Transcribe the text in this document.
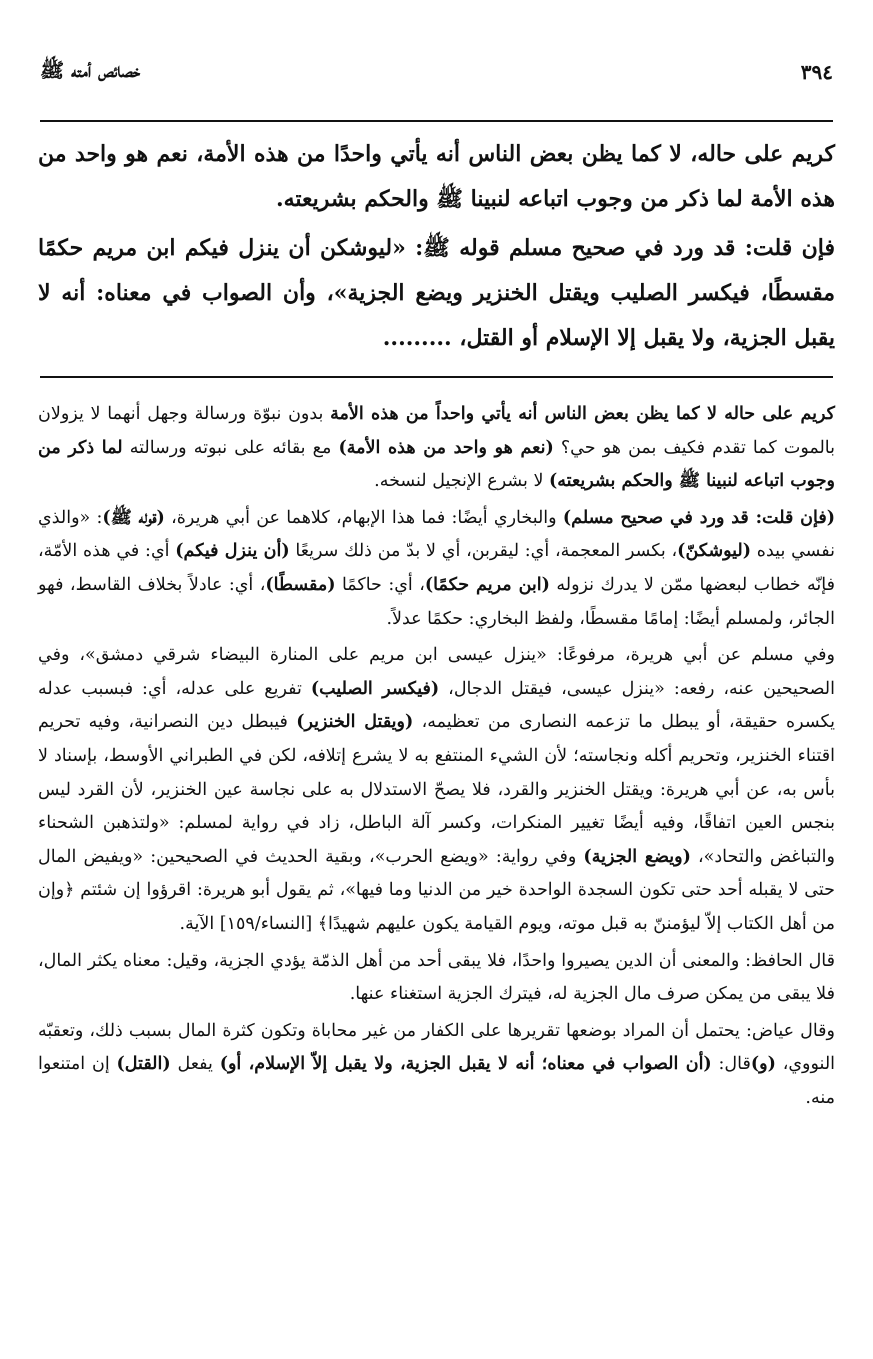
٣٩٤
خصائص أمته ﷺ

كريم على حاله، لا كما يظن بعض الناس أنه يأتي واحدًا من هذه الأمة، نعم هو واحد من هذه الأمة لما ذكر من وجوب اتباعه لنبينا ﷺ والحكم بشريعته.

فإن قلت: قد ورد في صحيح مسلم قوله ﷺ: «ليوشكن أن ينزل فيكم ابن مريم حكمًا مقسطًا، فيكسر الصليب ويقتل الخنزير ويضع الجزية»، وأن الصواب في معناه: أنه لا يقبل الجزية، ولا يقبل إلا الإسلام أو القتل، .........

كريم على حاله لا كما يظن بعض الناس أنه يأتي واحداً من هذه الأمة بدون نبوّة ورسالة وجهل أنهما لا يزولان بالموت كما تقدم فكيف بمن هو حي؟ (نعم هو واحد من هذه الأمة) مع بقائه على نبوته ورسالته لما ذكر من وجوب اتباعه لنبينا ﷺ والحكم بشريعته) لا بشرع الإنجيل لنسخه.

(فإن قلت: قد ورد في صحيح مسلم) والبخاري أيضًا: فما هذا الإبهام، كلاهما عن أبي هريرة، (قوله ﷺ): «والذي نفسي بيده (ليوشكنّ)، بكسر المعجمة، أي: ليقربن، أي لا بدّ من ذلك سريعًا (أن ينزل فيكم) أي: في هذه الأمّة، فإنّه خطاب لبعضها ممّن لا يدرك نزوله (ابن مريم حكمًا)، أي: حاكمًا (مقسطًا)، أي: عادلاً بخلاف القاسط، فهو الجائر، ولمسلم أيضًا: إمامًا مقسطًا، ولفظ البخاري: حكمًا عدلاً.

وفي مسلم عن أبي هريرة، مرفوعًا: «ينزل عيسى ابن مريم على المنارة البيضاء شرقي دمشق»، وفي الصحيحين عنه، رفعه: «ينزل عيسى، فيقتل الدجال، (فيكسر الصليب) تفريع على عدله، أي: فبسبب عدله يكسره حقيقة، أو يبطل ما تزعمه النصارى من تعظيمه، (ويقتل الخنزير) فيبطل دين النصرانية، وفيه تحريم اقتناء الخنزير، وتحريم أكله ونجاسته؛ لأن الشيء المنتفع به لا يشرع إتلافه، لكن في الطبراني الأوسط، بإسناد لا بأس به، عن أبي هريرة: ويقتل الخنزير والقرد، فلا يصحّ الاستدلال به على نجاسة عين الخنزير، لأن القرد ليس بنجس العين اتفاقًا، وفيه أيضًا تغيير المنكرات، وكسر آلة الباطل، زاد في رواية لمسلم: «ولتذهبن الشحناء والتباغض والتحاد»، (ويضع الجزية) وفي رواية: «ويضع الحرب»، وبقية الحديث في الصحيحين: «ويفيض المال حتى لا يقبله أحد حتى تكون السجدة الواحدة خير من الدنيا وما فيها»، ثم يقول أبو هريرة: اقرؤوا إن شئتم ﴿وإن من أهل الكتاب إلاّ ليؤمننّ به قبل موته، ويوم القيامة يكون عليهم شهيدًا﴾ [النساء/١٥٩] الآية.

قال الحافظ: والمعنى أن الدين يصيروا واحدًا، فلا يبقى أحد من أهل الذمّة يؤدي الجزية، وقيل: معناه يكثر المال، فلا يبقى من يمكن صرف مال الجزية له، فيترك الجزية استغناء عنها.

وقال عياض: يحتمل أن المراد بوضعها تقريرها على الكفار من غير محاباة وتكون كثرة المال بسبب ذلك، وتعقبّه النووي، (و)قال: (أن الصواب في معناه؛ أنه لا يقبل الجزية، ولا يقبل إلاّ الإسلام، أو) يفعل (القتل) إن امتنعوا منه.
